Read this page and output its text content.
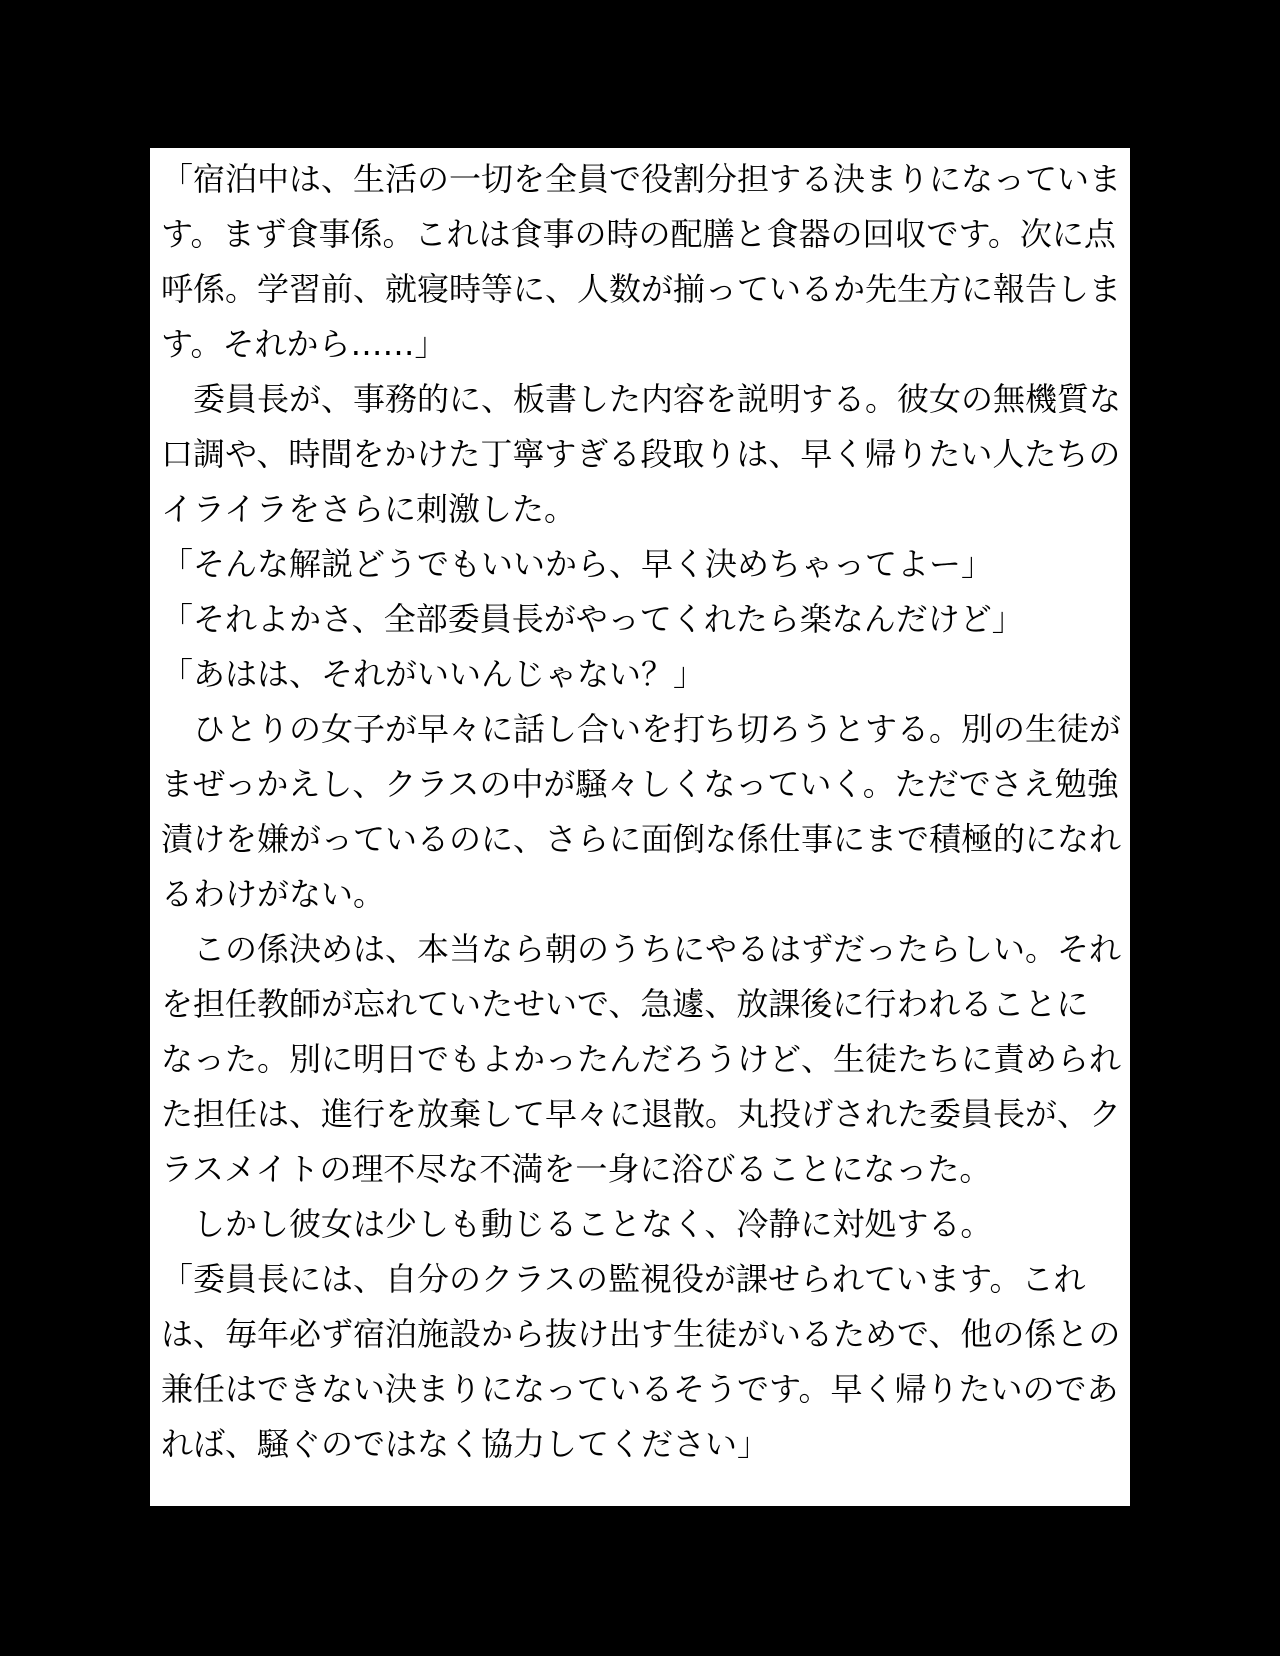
「宿泊中は、生活の一切を全員で役割分担する決まりになっていま
す。まず食事係。これは食事の時の配膳と食器の回収です。次に点
呼係。学習前、就寝時等に、人数が揃っているか先生方に報告しま
す。それから……」
　委員長が、事務的に、板書した内容を説明する。彼女の無機質な
口調や、時間をかけた丁寧すぎる段取りは、早く帰りたい人たちの
イライラをさらに刺激した。
「そんな解説どうでもいいから、早く決めちゃってよー」
「それよかさ、全部委員長がやってくれたら楽なんだけど」
「あはは、それがいいんじゃない？」
　ひとりの女子が早々に話し合いを打ち切ろうとする。別の生徒が
まぜっかえし、クラスの中が騒々しくなっていく。ただでさえ勉強
漬けを嫌がっているのに、さらに面倒な係仕事にまで積極的になれ
るわけがない。
　この係決めは、本当なら朝のうちにやるはずだったらしい。それ
を担任教師が忘れていたせいで、急遽、放課後に行われることに
なった。別に明日でもよかったんだろうけど、生徒たちに責められ
た担任は、進行を放棄して早々に退散。丸投げされた委員長が、ク
ラスメイトの理不尽な不満を一身に浴びることになった。
　しかし彼女は少しも動じることなく、冷静に対処する。
「委員長には、自分のクラスの監視役が課せられています。これ
は、毎年必ず宿泊施設から抜け出す生徒がいるためで、他の係との
兼任はできない決まりになっているそうです。早く帰りたいのであ
れば、騒ぐのではなく協力してください」
